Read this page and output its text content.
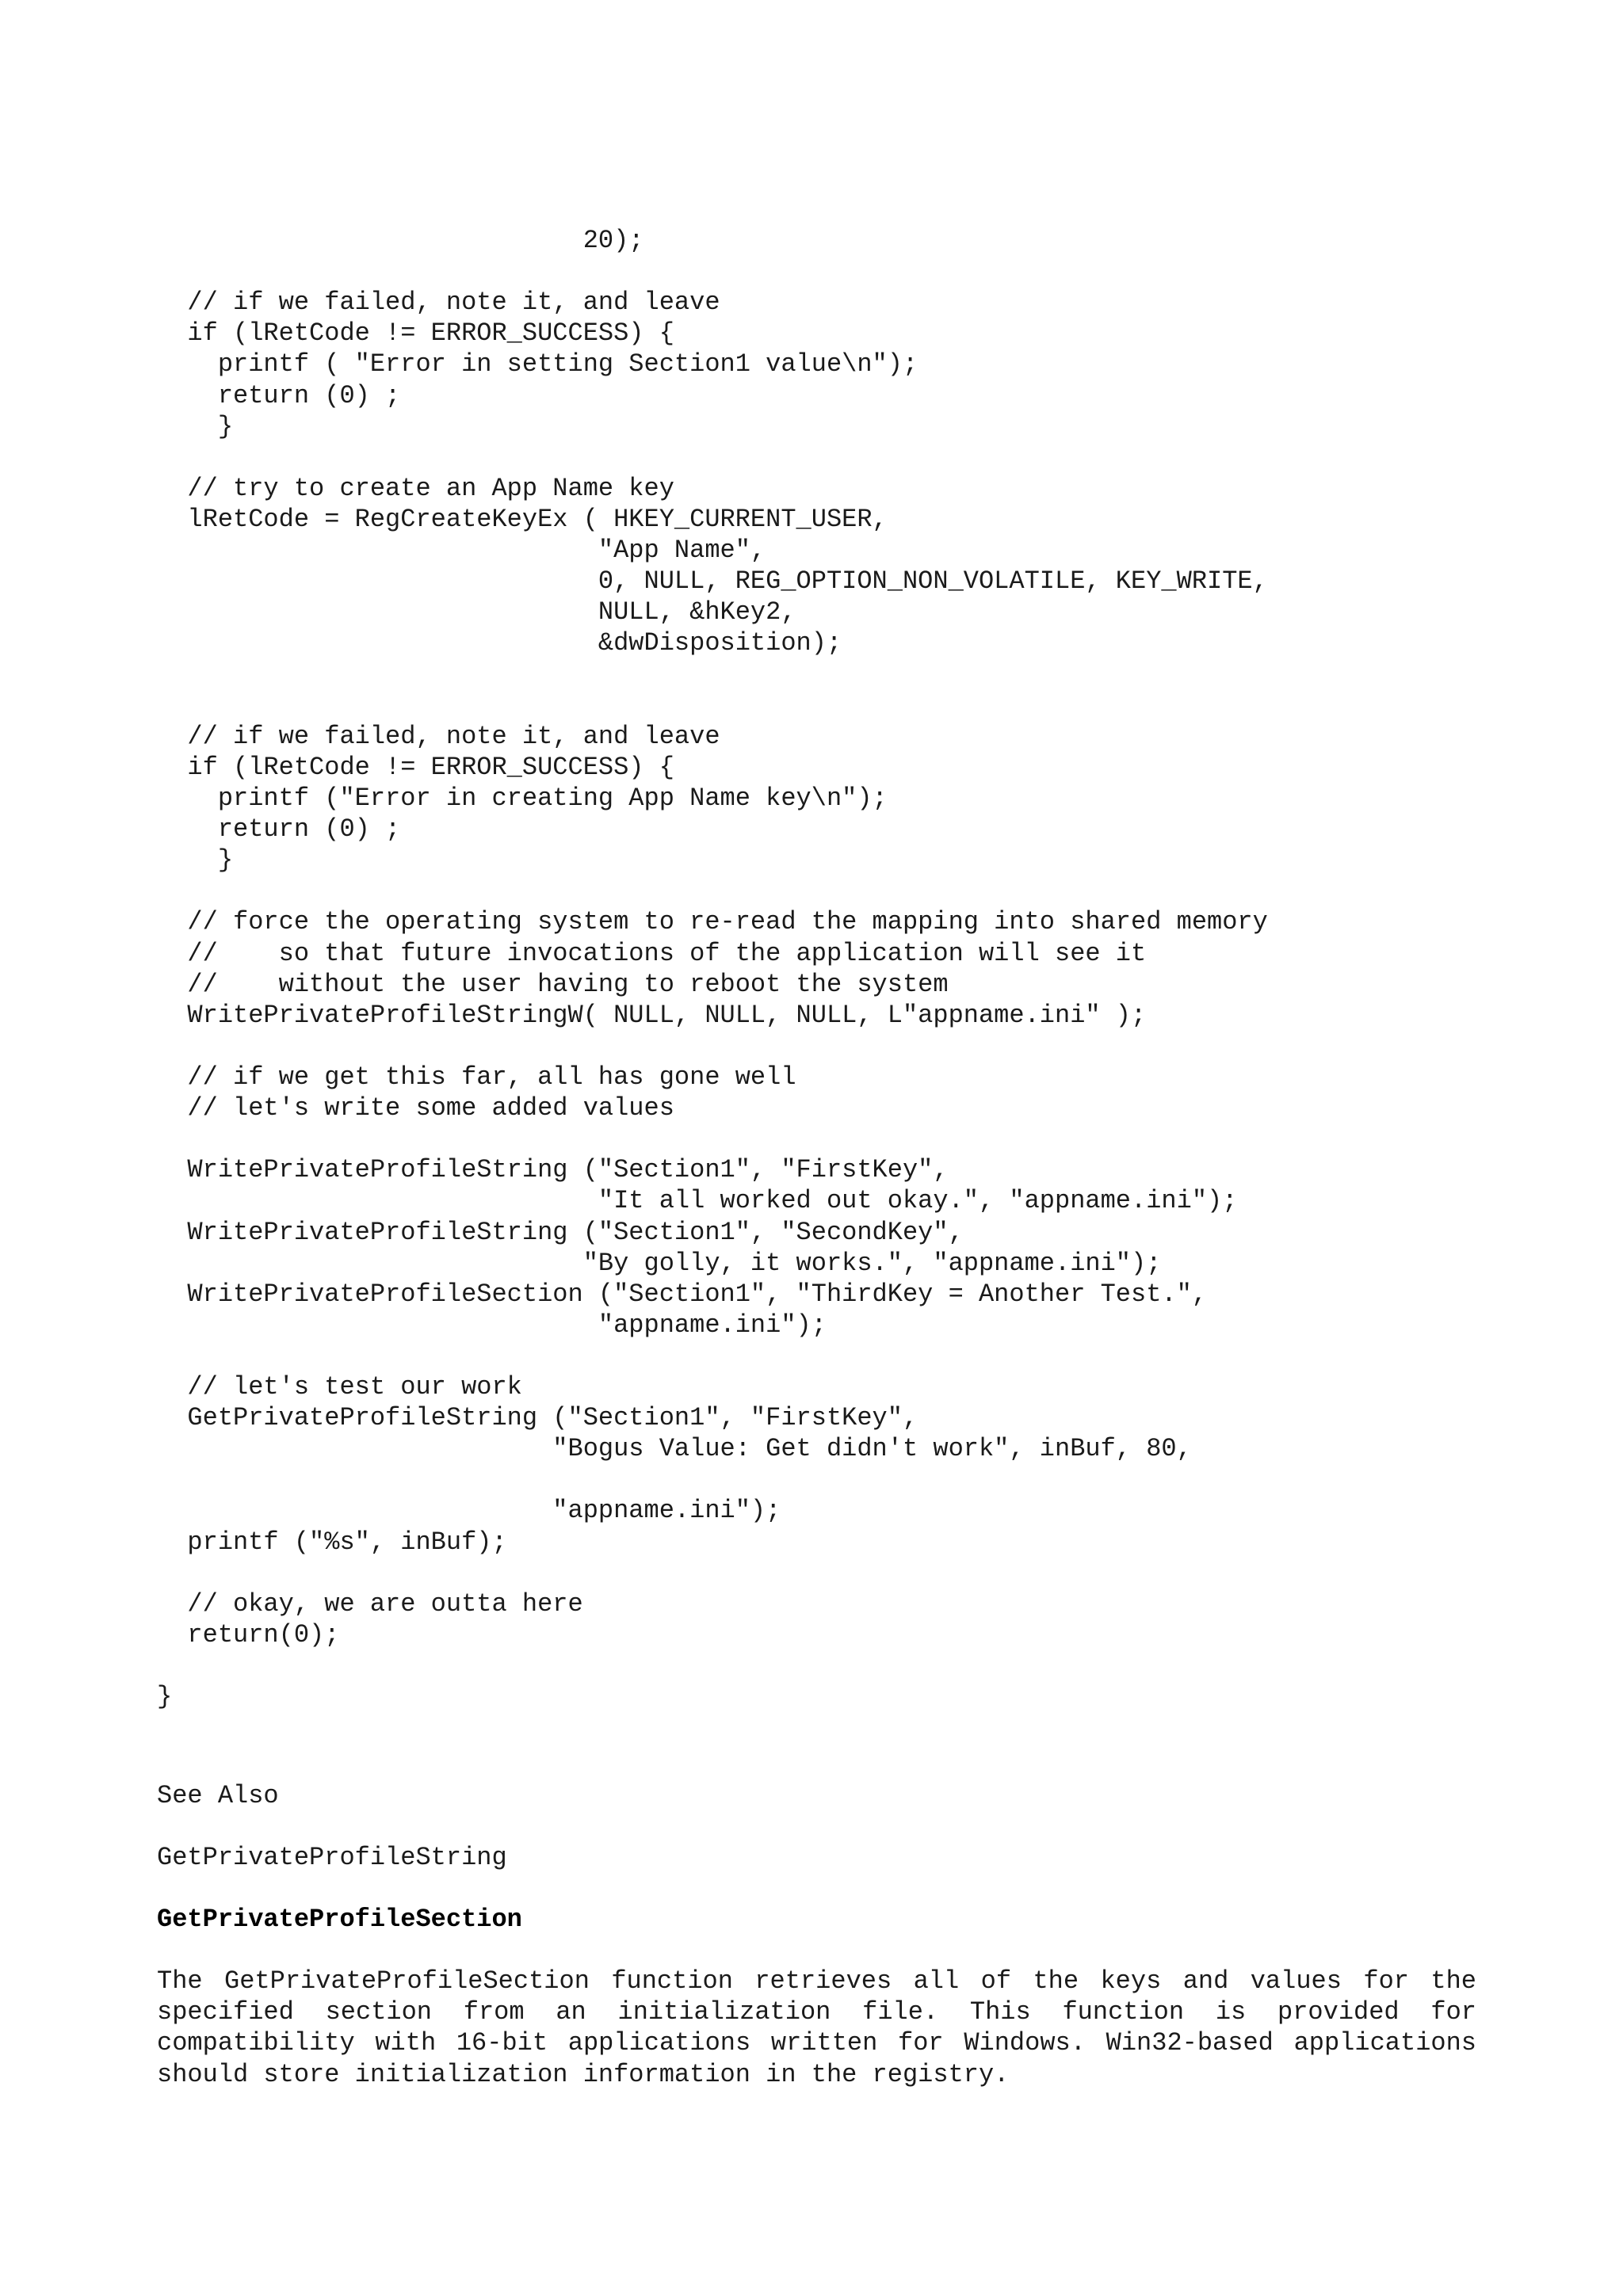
20);

// if we failed, note it, and leave
if (lRetCode != ERROR_SUCCESS) {
printf ( "Error in setting Section1 value\n");
return (0) ;
}

// try to create an App Name key
lRetCode = RegCreateKeyEx ( HKEY_CURRENT_USER,
"App Name",
0, NULL, REG_OPTION_NON_VOLATILE, KEY_WRITE,
NULL, &hKey2,
&dwDisposition);

// if we failed, note it, and leave
if (lRetCode != ERROR_SUCCESS) {
printf ("Error in creating App Name key\n");
return (0) ;
}

// force the operating system to re-read the mapping into shared memory
//    so that future invocations of the application will see it
//    without the user having to reboot the system
WritePrivateProfileStringW( NULL, NULL, NULL, L"appname.ini" );

// if we get this far, all has gone well
// let's write some added values

WritePrivateProfileString ("Section1", "FirstKey",
"It all worked out okay.", "appname.ini");
WritePrivateProfileString ("Section1", "SecondKey",
"By golly, it works.", "appname.ini");
WritePrivateProfileSection ("Section1", "ThirdKey = Another Test.",
"appname.ini");

// let's test our work
GetPrivateProfileString ("Section1", "FirstKey",
"Bogus Value: Get didn't work", inBuf, 80,

"appname.ini");
printf ("%s", inBuf);

// okay, we are outta here
return(0);

}
See Also
GetPrivateProfileString
GetPrivateProfileSection

The GetPrivateProfileSection function retrieves all of the keys and values for the specified section from an initialization file. This function is provided for compatibility with 16-bit applications written for Windows. Win32-based applications should store initialization information in the registry.
